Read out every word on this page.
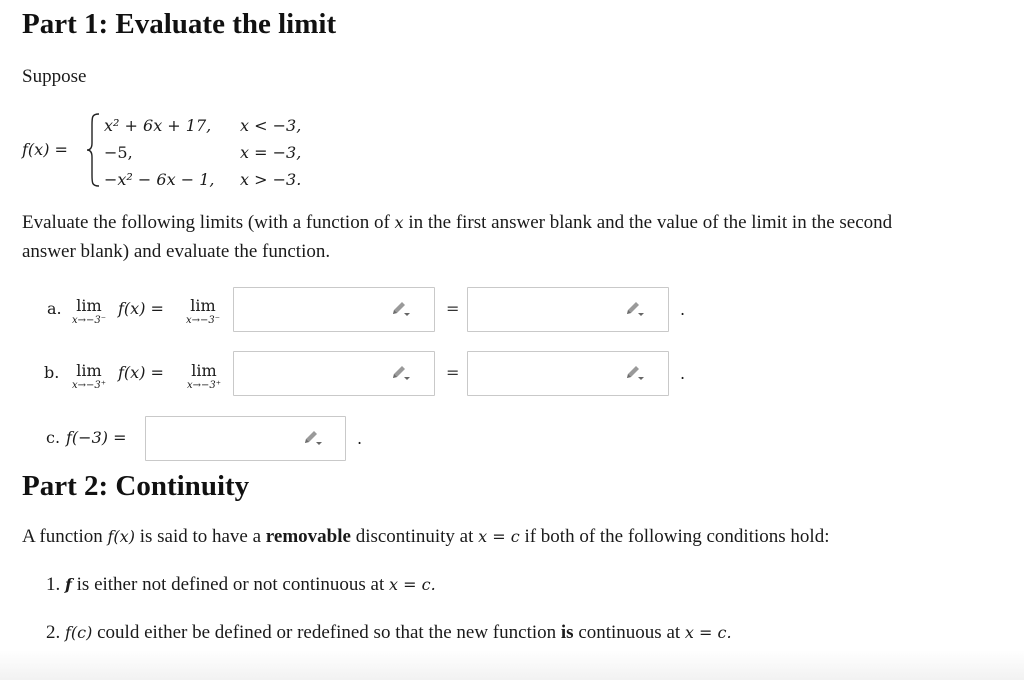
Part 1: Evaluate the limit
Suppose
f(x) =
x² + 6x + 17, x < −3,
−5,	x = −3,
−x² − 6x − 1, x > −3.
Evaluate the following limits (with a function of x in the first answer blank and the value of the limit in the second
answer blank) and evaluate the function.
a. lim
x→−3⁻
f(x) =	lim
x→−3⁻
=	.
b.	lim
x→−3⁺
f(x) =	lim
x→−3⁺
=	.
c. f(−3) =	.
Part 2: Continuity
A function f(x) is said to have a removable discontinuity at x = c if both of the following conditions hold:
1. f is either not defined or not continuous at x = c.
2. f(c) could either be defined or redefined so that the new function is continuous at x = c.
